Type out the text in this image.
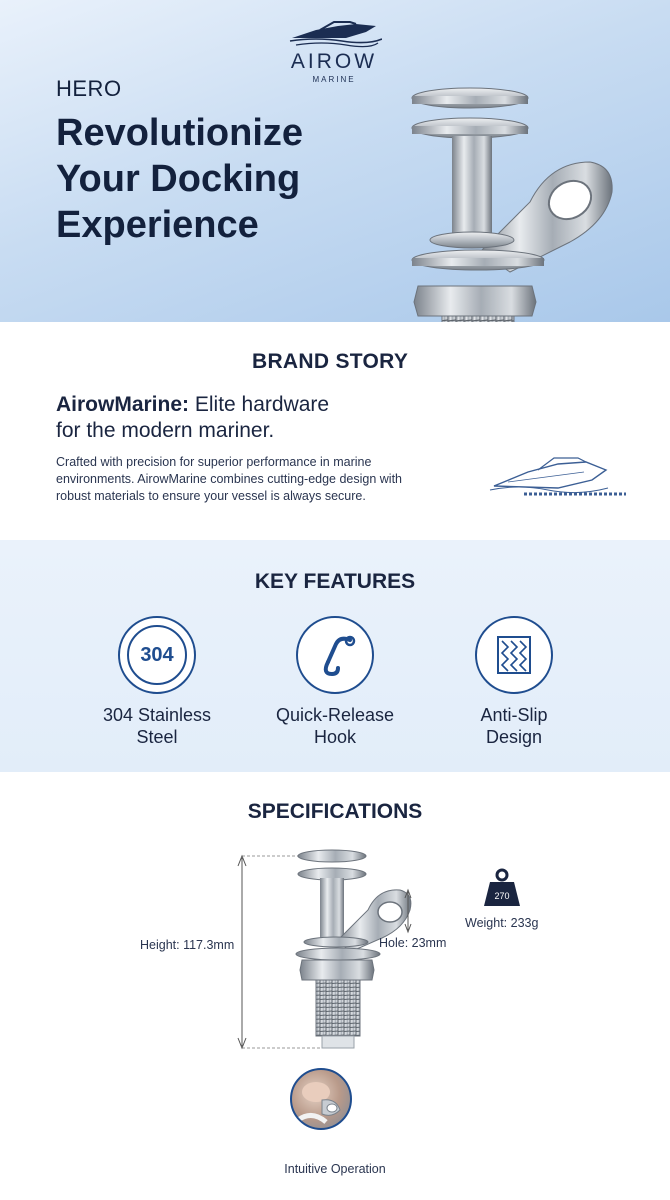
HERO
Revolutionize
Your Docking
Experience
AIROW
MARINE
BRAND STORY

AirowMarine: Elite hardware
for the modern mariner.

Crafted with precision for superior performance in marine environments. AirowMarine combines cutting-edge design with robust materials to ensure your vessel is always secure.

KEY FEATURES
304
304 Stainless
Steel
Quick-Release
Hook
Anti-Slip
Design
SPECIFICATIONS
Height: 117.3mm	Hole: 23mm
270
Weight: 233g
Intuitive Operation
